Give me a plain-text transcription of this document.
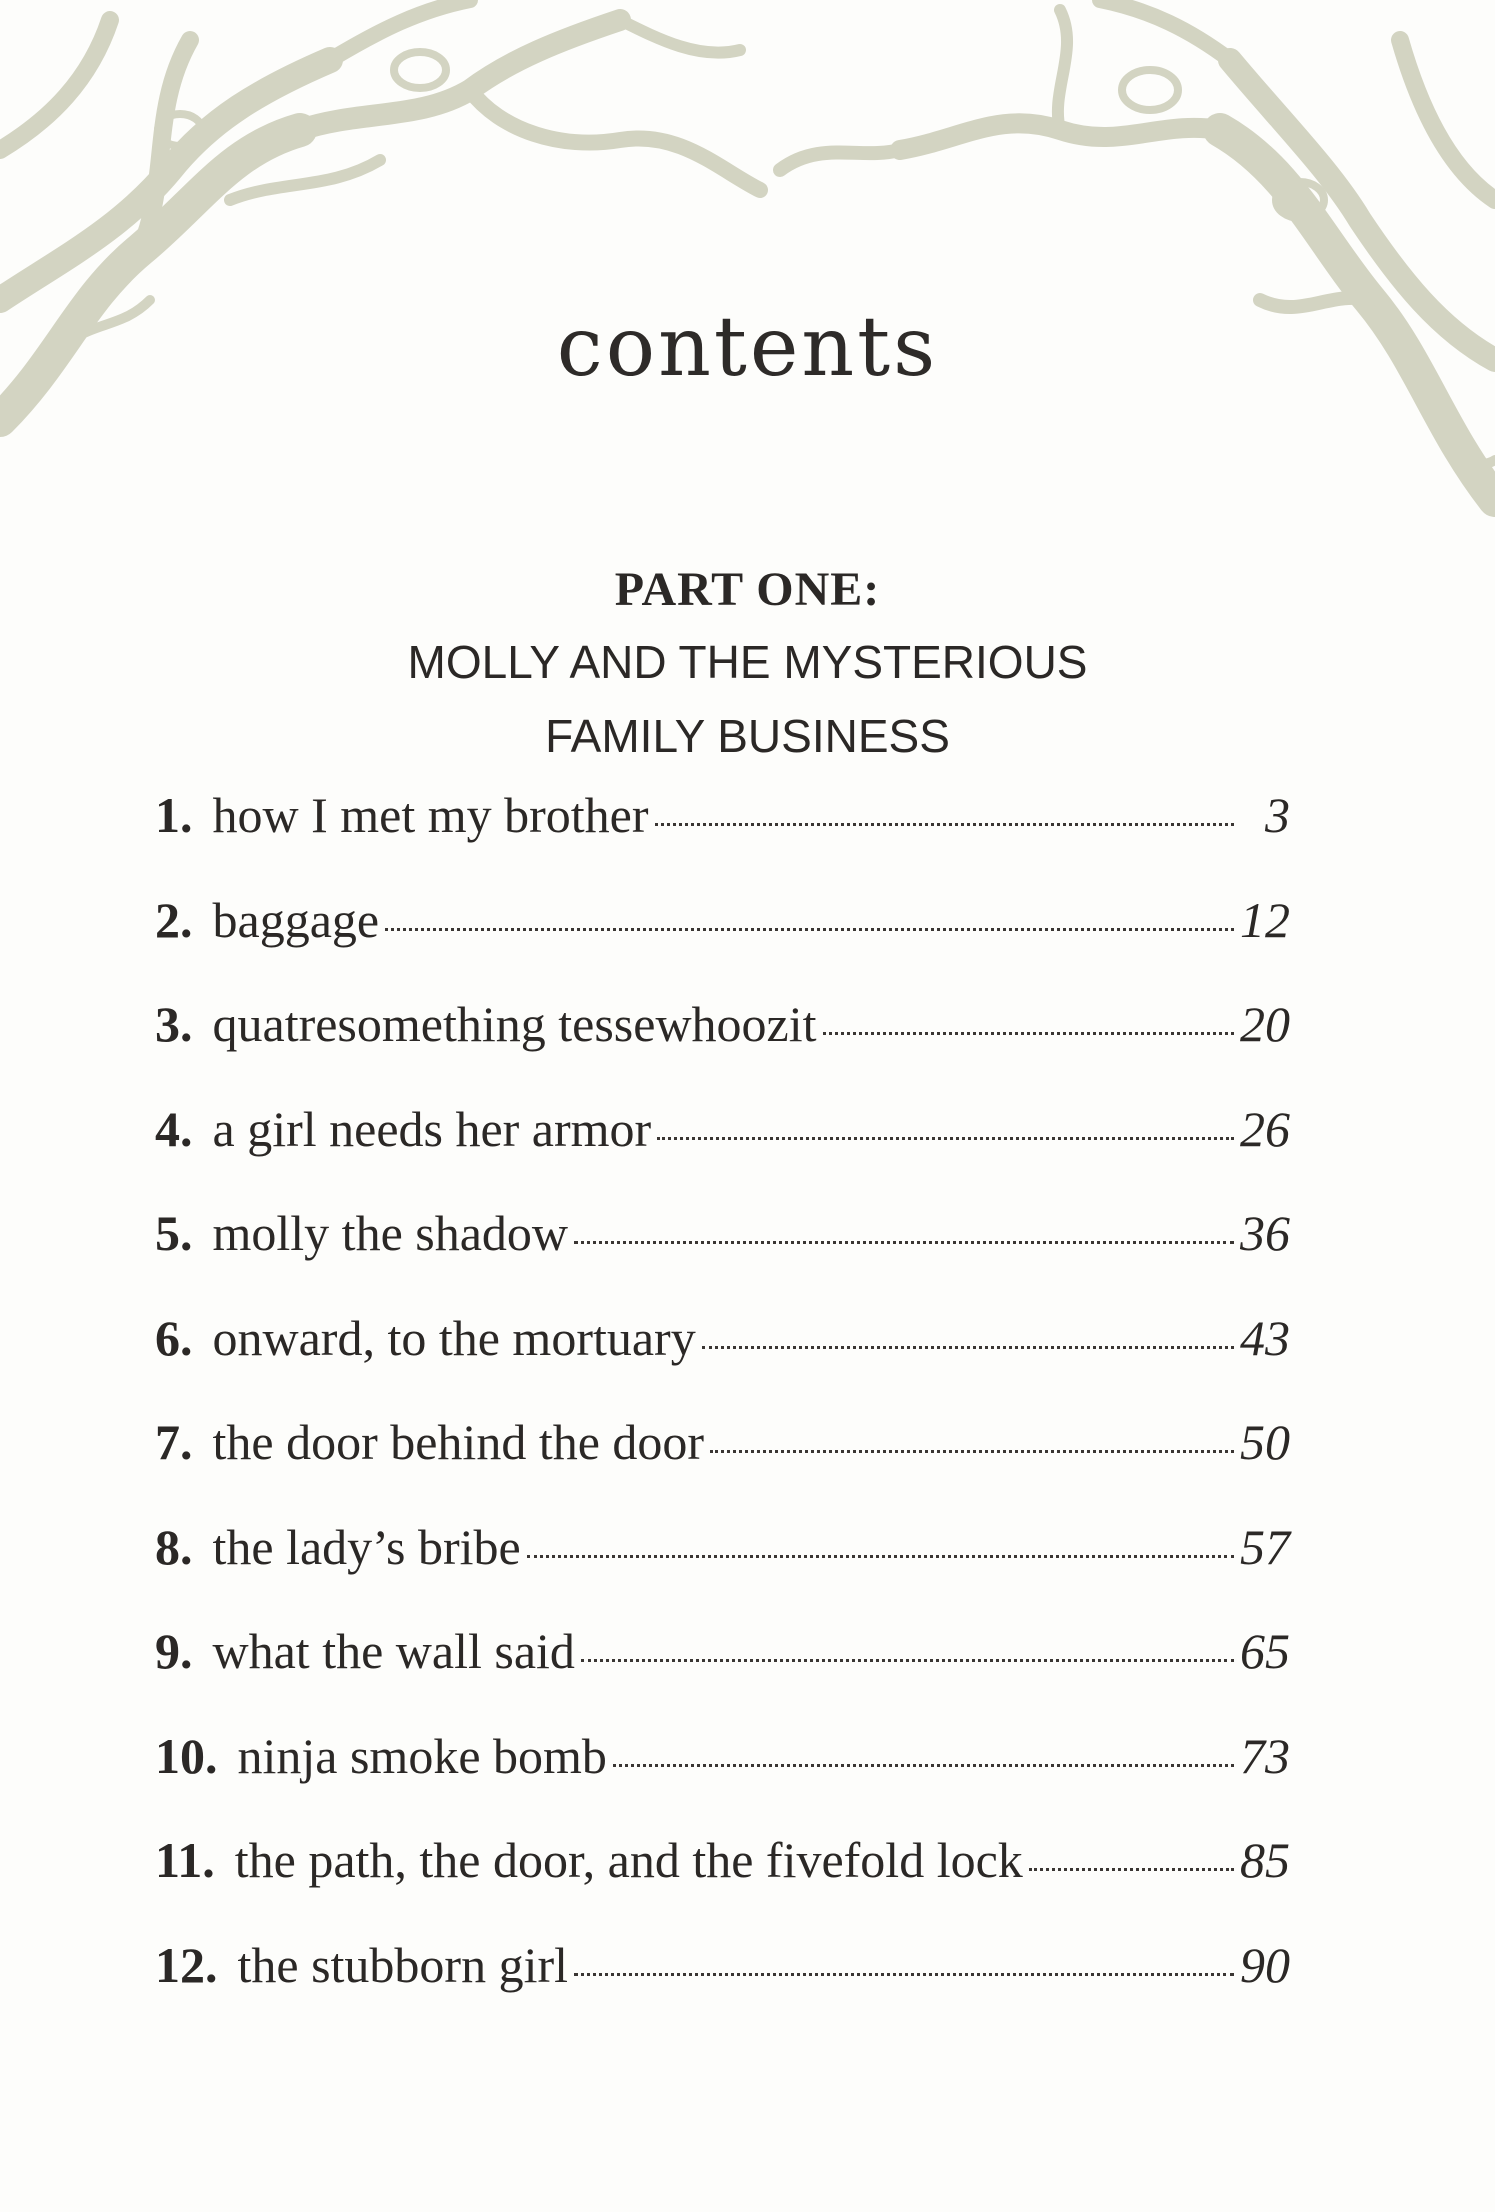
contents
PART ONE:
MOLLY AND THE MYSTERIOUS
FAMILY BUSINESS
1. how I met my brother	3
2. baggage	12
3. quatresomething tessewhoozit	20
4. a girl needs her armor	26
5. molly the shadow	36
6. onward, to the mortuary	43
7. the door behind the door	50
8. the lady’s bribe	57
9. what the wall said	65
10. ninja smoke bomb	73
11. the path, the door, and the fivefold lock	85
12. the stubborn girl	90
